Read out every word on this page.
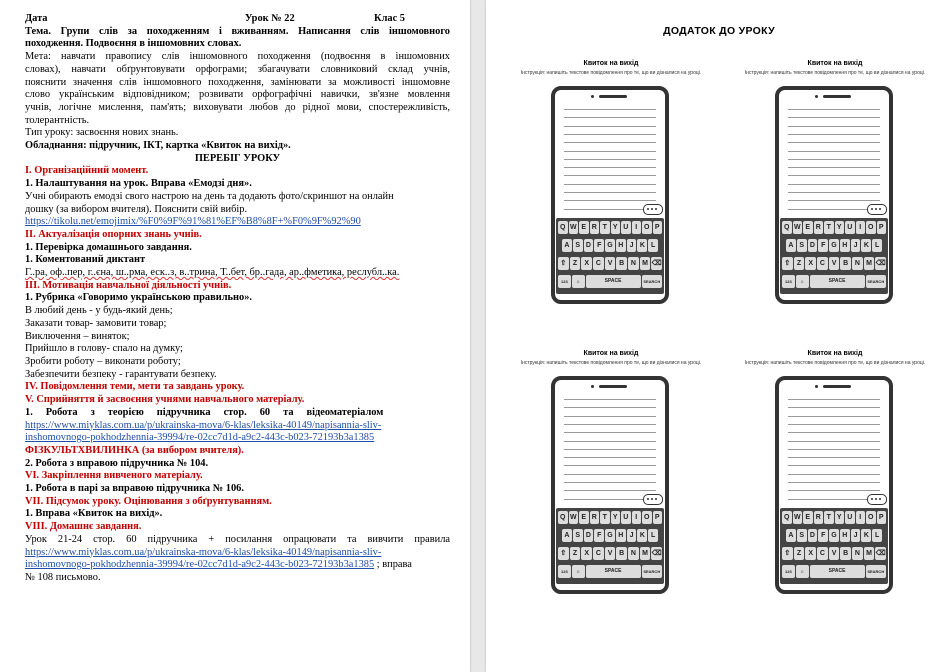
Дата	Урок № 22	Клас 5
Тема. Групи слів за походженням і вживанням. Написання слів іншомовного
походження. Подвоєння в іншомовних словах.
Мета: навчати правопису слів іншомовного походження (подвоєння в іншомовних
словах), навчати обґрунтовувати орфограми; збагачувати словниковий склад учнів,
пояснити значення слів іншомовного походження, замінювати за можливості іншомовне
слово українським відповідником; розвивати орфографічні навички, зв'язне мовлення
учнів, логічне мислення, пам'ять; виховувати любов до рідної мови, спостережливість,
толерантність.
Тип уроку: засвоєння нових знань.
Обладнання: підручник, ІКТ, картка «Квиток на вихід».
ПЕРЕБІГ УРОКУ
І. Організаційний момент.
1. Налаштування на урок. Вправа «Емодзі дня».
Учні обирають емодзі свого настрою на день та додають фото/скриншот на онлайн
дошку (за вибором вчителя). Пояснити свій вибір.
https://tikolu.net/emojimix/%F0%9F%91%81%EF%B8%8F+%F0%9F%92%90
ІІ. Актуалізація опорних знань учнів.
1. Перевірка домашнього завдання.
1. Коментований диктант
Г..ра, оф..пер, г..єна, ш..рма, еск..з, в..трина, Т..бет, бр..гада, ар..фметика, реслубл..ка.
ІІІ. Мотивація навчальної діяльності учнів.
1. Рубрика «Говоримо українською правильно».
В любий день - у будь-який день;
Заказати товар- замовити товар;
Виключення – виняток;
Прийшло в голову- спало на думку;
Зробити роботу – виконати роботу;
Забезпечити безпеку - гарантувати безпеку.
ІV. Повідомлення теми, мети та завдань уроку.
V. Сприйняття й засвоєння учнями навчального матеріалу.
1.     Робота     з     теорією     підручника     стор.     60     та     відеоматеріалом
https://www.miyklas.com.ua/p/ukrainska-mova/6-klas/leksika-40149/napisannia-sliv-
inshomovnogo-pokhodzhennia-39994/re-02cc7d1d-a9c2-443c-b023-72193b3a1385
ФІЗКУЛЬТХВИЛИНКА (за вибором вчителя).
2. Робота з вправою підручника № 104.
VІ. Закріплення вивченого матеріалу.
1. Робота в парі за вправою підручника № 106.
VІІ. Підсумок уроку. Оцінювання з обґрунтуванням.
1. Вправа «Квиток на вихід».
VІІІ. Домашнє завдання.
Урок 21-24 стор. 60 підручника + посилання опрацювати та вивчити правила
https://www.miyklas.com.ua/p/ukrainska-mova/6-klas/leksika-40149/napisannia-sliv-
inshomovnogo-pokhodzhennia-39994/re-02cc7d1d-a9c2-443c-b023-72193b3a1385 ; вправа
№ 108 письмово.
ДОДАТОК ДО УРОКУ
Квиток на вихід
Інструкція: напишіть текстове повідомлення про те, що ви дізналися на уроці.
Q W E R T Y U I O P
A S D F G H J K L
⇧ Z	X C V B N M ⌫
123	☺	SPACE	SEARCH
Квиток на вихід
Інструкція: напишіть текстове повідомлення про те, що ви дізналися на уроці.
Q W E R T Y U I O P
A S D F G H J K L
⇧ Z	X C V B N M ⌫
123	☺	SPACE	SEARCH
Квиток на вихід
Інструкція: напишіть текстове повідомлення про те, що ви дізналися на уроці.
Q W E R T Y U I O P
A S D F G H J K L
⇧ Z	X C V B N M ⌫
123	☺	SPACE	SEARCH
Квиток на вихід
Інструкція: напишіть текстове повідомлення про те, що ви дізналися на уроці.
Q W E R T Y U I O P
A S D F G H J K L
⇧ Z	X C V B N M ⌫
123	☺	SPACE	SEARCH
